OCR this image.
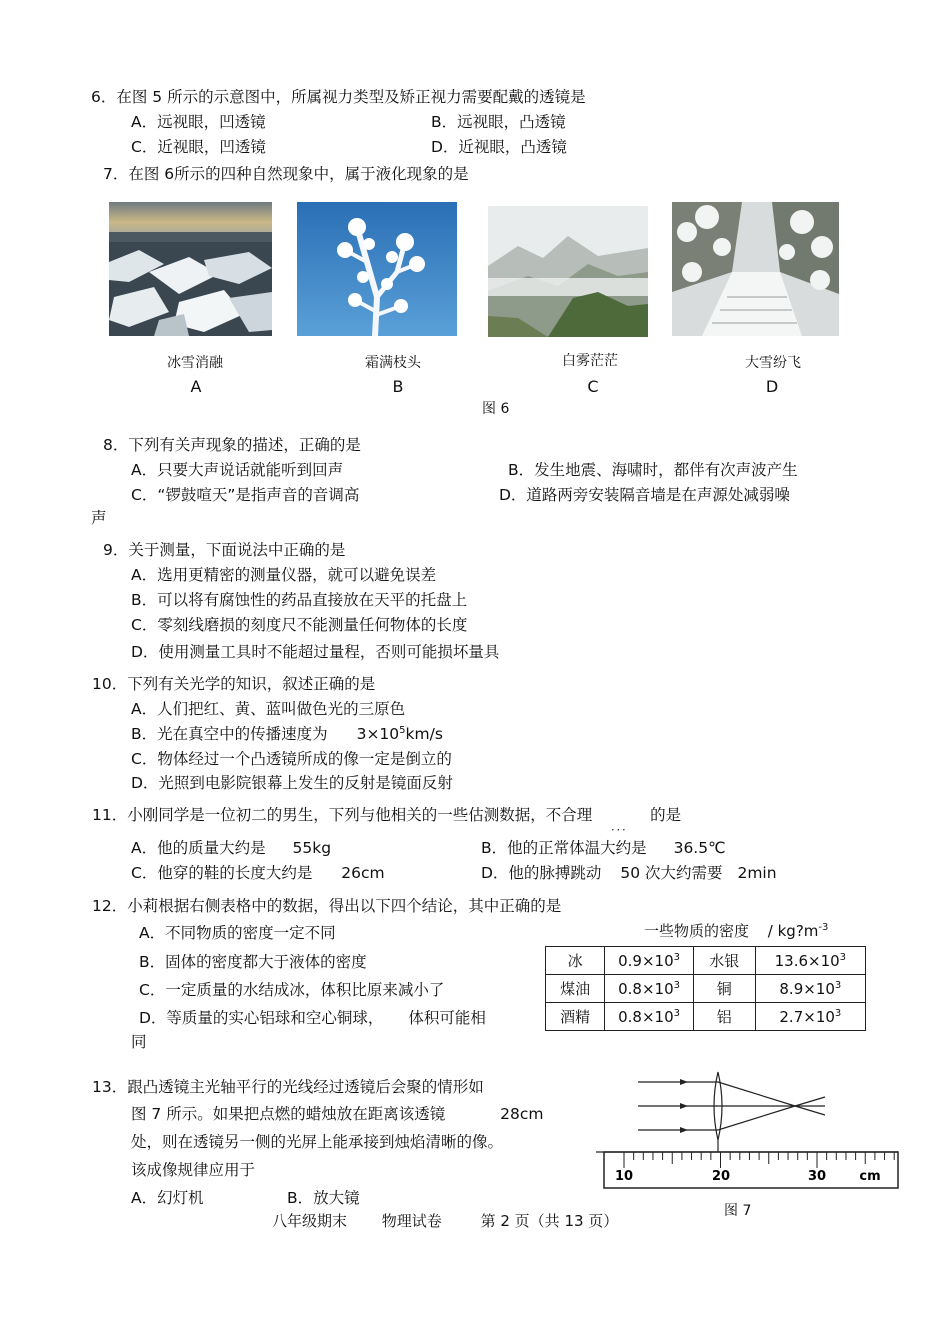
6．在图 5 所示的示意图中，所属视力类型及矫正视力需要配戴的透镜是
A．远视眼，凹透镜	B．远视眼，凸透镜
C．近视眼，凹透镜	D．近视眼，凸透镜
7．在图 6所示的四种自然现象中，属于液化现象的是
冰雪消融	霜满枝头	白雾茫茫	大雪纷飞
A	B	C	D
图 6
8．下列有关声现象的描述，正确的是
A．只要大声说话就能听到回声	B．发生地震、海啸时，都伴有次声波产生
C．“锣鼓喧天”是指声音的音调高	D．道路两旁安装隔音墙是在声源处减弱噪
声
9．关于测量，下面说法中正确的是
A．选用更精密的测量仪器，就可以避免误差
B．可以将有腐蚀性的药品直接放在天平的托盘上
C．零刻线磨损的刻度尺不能测量任何物体的长度
D．使用测量工具时不能超过量程，否则可能损坏量具
10．下列有关光学的知识，叙述正确的是
A．人们把红、黄、蓝叫做色光的三原色
B．光在真空中的传播速度为 $3\times 10^5km/s$
C．物体经过一个凸透镜所成的像一定是倒立的
D．光照到电影院银幕上发生的反射是镜面反射
11．小刚同学是一位初二的男生，下列与他相关的一些估测数据，不合理 $_{...}$ 的是
A．他的质量大约是 55kg	B．他的正常体温大约是 36.5℃
C．他穿的鞋的长度大约是 26cm	D．他的脉搏跳动 50 次大约需要 2min
12．小莉根据右侧表格中的数据，得出以下四个结论，其中正确的是
A．不同物质的密度一定不同
B．固体的密度都大于液体的密度
C．一定质量的水结成冰，体积比原来减小了
D．等质量的实心铝球和空心铜球， 体积可能相
同
一些物质的密度 / $kg?m^{-3}$
冰	$0.9\times 10^3$	水银	$13.6\times 10^3$
煤油	$0.8\times 10^3$	铜	$8.9\times 10^3$
酒精	$0.8\times 10^3$	铝	$2.7\times 10^3$
13．跟凸透镜主光轴平行的光线经过透镜后会聚的情形如
图 7 所示。如果把点燃的蜡烛放在距离该透镜	28cm
处，则在透镜另一侧的光屏上能承接到烛焰清晰的像。
该成像规律应用于
A．幻灯机	B．放大镜
10	20	30	cm
图 7
八年级期末 物理试卷	第 2 页（共 13 页）
